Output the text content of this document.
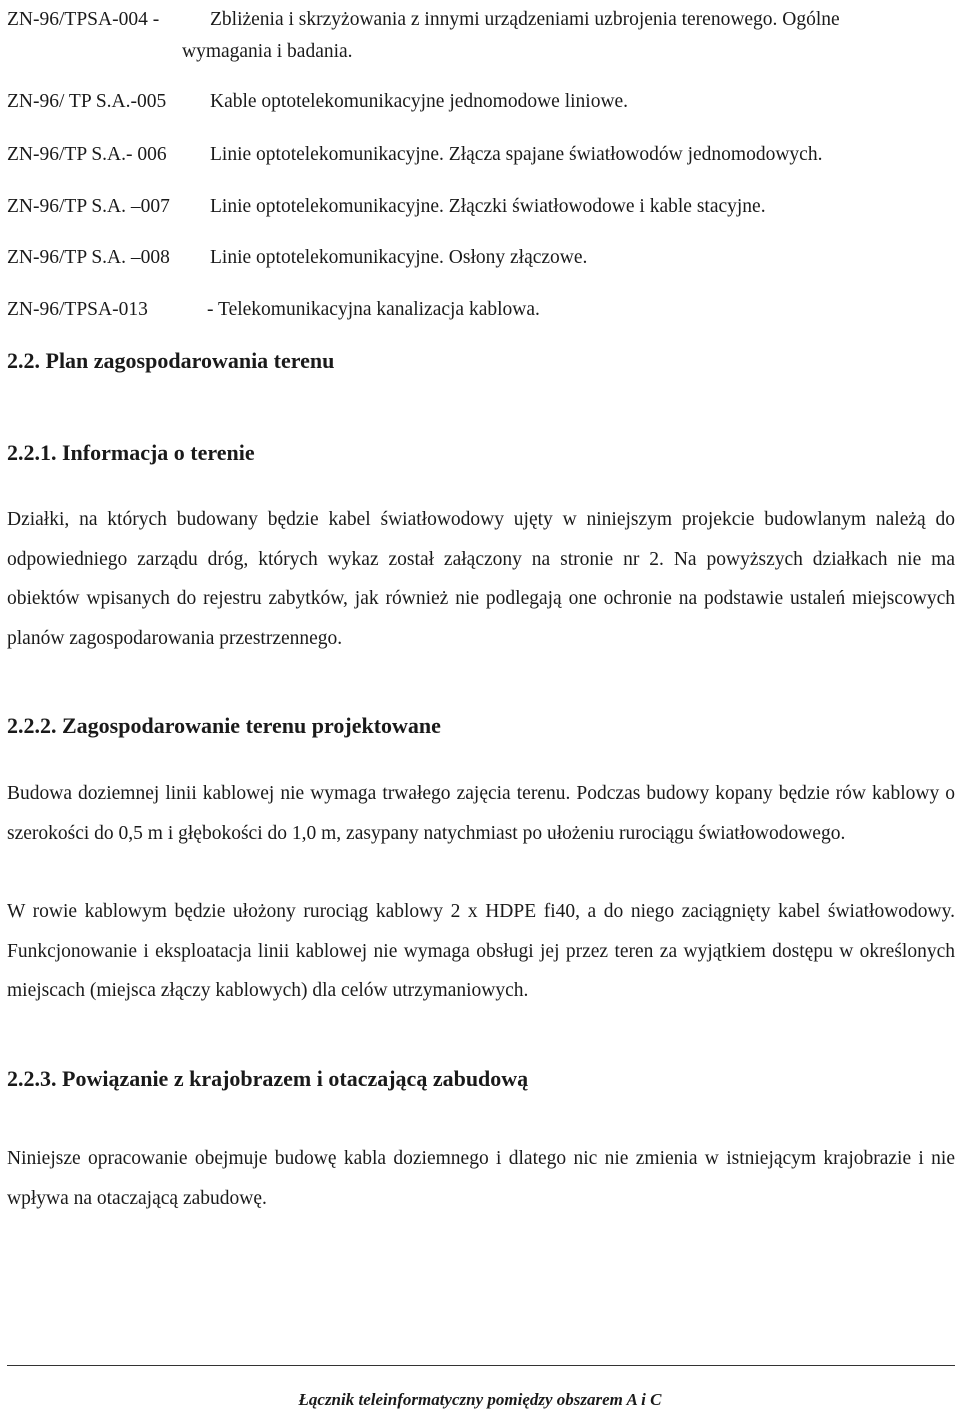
ZN-96/TPSA-004 -	Zbliżenia i skrzyżowania z innymi urządzeniami uzbrojenia terenowego. Ogólne
wymagania i badania.
ZN-96/ TP S.A.-005 Kable optotelekomunikacyjne jednomodowe liniowe.
ZN-96/TP S.A.- 006 Linie optotelekomunikacyjne. Złącza spajane światłowodów jednomodowych.
ZN-96/TP S.A. –007 Linie optotelekomunikacyjne. Złączki światłowodowe i kable stacyjne.
ZN-96/TP S.A. –008 Linie optotelekomunikacyjne. Osłony złączowe.
ZN-96/TPSA-013	- Telekomunikacyjna kanalizacja kablowa.
2.2. Plan zagospodarowania terenu
2.2.1. Informacja o terenie

Działki, na których budowany będzie kabel światłowodowy ujęty w niniejszym projekcie budowlanym należą do odpowiedniego zarządu dróg, których wykaz został załączony na stronie nr 2. Na powyższych działkach nie ma obiektów wpisanych do rejestru zabytków, jak również nie podlegają one ochronie na podstawie ustaleń miejscowych planów zagospodarowania przestrzennego.

2.2.2. Zagospodarowanie terenu projektowane

Budowa doziemnej linii kablowej nie wymaga trwałego zajęcia terenu. Podczas budowy kopany będzie rów kablowy o szerokości do 0,5 m i głębokości do 1,0 m, zasypany natychmiast po ułożeniu rurociągu światłowodowego.

W rowie kablowym będzie ułożony rurociąg kablowy 2 x HDPE fi40, a do niego zaciągnięty kabel światłowodowy. Funkcjonowanie i eksploatacja linii kablowej nie wymaga obsługi jej przez teren za wyjątkiem dostępu w określonych miejscach (miejsca złączy kablowych) dla celów utrzymaniowych.

2.2.3. Powiązanie z krajobrazem i otaczającą zabudową

Niniejsze opracowanie obejmuje budowę kabla doziemnego i dlatego nic nie zmienia w istniejącym krajobrazie i nie wpływa na otaczającą zabudowę.

Łącznik teleinformatyczny pomiędzy obszarem A i C
